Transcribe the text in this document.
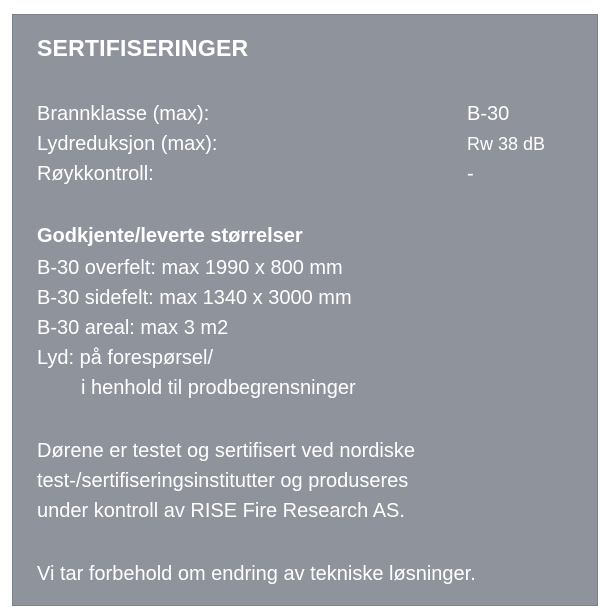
SERTIFISERINGER
Brannklasse (max):	B-30
Lydreduksjon (max):	Rw 38 dB
Røykkontroll:	-
Godkjente/leverte størrelser
B-30 overfelt: max 1990 x 800 mm
B-30 sidefelt: max 1340 x 3000 mm
B-30 areal: max 3 m2
Lyd: på forespørsel/
i henhold til prodbegrensninger
Dørene er testet og sertifisert ved nordiske
test-/sertifiseringsinstitutter og produseres
under kontroll av RISE Fire Research AS.
Vi tar forbehold om endring av tekniske løsninger.
